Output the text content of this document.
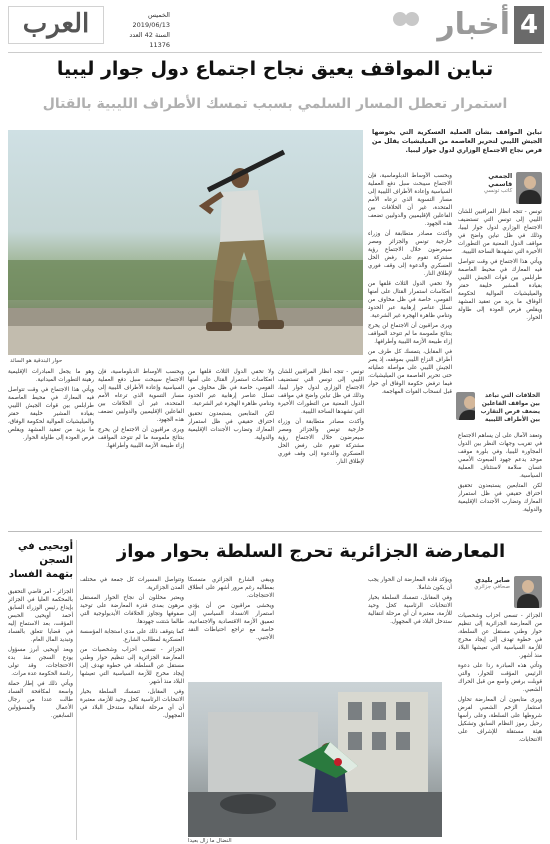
4
أخبار
العرب	الخميس 2019/06/13
السنة 42 العدد 11376
تباين المواقف يعيق نجاح اجتماع دول جوار ليبيا
استمرار تعطل المسار السلمي بسبب تمسك الأطراف الليبية بالقتال
تباين المواقف بشأن العملية العسكرية التي يخوضها الجيش الليبي لتحرير العاصمة من الميليشيات يقلل من فرص نجاح الاجتماع الوزاري لدول جوار ليبيا.
الجمعي قاسمي
كاتب تونسي

تونس - تتجه أنظار المراقبين للشأن الليبي إلى تونس التي تستضيف الاجتماع الوزاري لدول جوار ليبيا، وذلك في ظل تباين واضح في مواقف الدول المعنية من التطورات الأخيرة التي تشهدها الساحة الليبية.

ويأتي هذا الاجتماع في وقت تتواصل فيه المعارك في محيط العاصمة طرابلس بين قوات الجيش الليبي بقيادة المشير خليفة حفتر والميليشيات الموالية لحكومة الوفاق، ما يزيد من تعقيد المشهد ويقلص فرص العودة إلى طاولة الحوار.

وبحسب الأوساط الدبلوماسية، فإن الاجتماع سيبحث سبل دفع العملية السياسية وإعادة الأطراف الليبية إلى مسار التسوية الذي ترعاه الأمم المتحدة، غير أن الخلافات بين الفاعلين الإقليميين والدوليين تضعف هذه الجهود.

وأكدت مصادر متطابقة أن وزراء خارجية تونس والجزائر ومصر سيعرضون خلال الاجتماع رؤية مشتركة تقوم على رفض الحل العسكري والدعوة إلى وقف فوري لإطلاق النار.

ولا تخفي الدول الثلاث قلقها من انعكاسات استمرار القتال على أمنها القومي، خاصة في ظل مخاوف من تسلل عناصر إرهابية عبر الحدود وتنامي ظاهرة الهجرة غير الشرعية.

ويرى مراقبون أن الاجتماع لن يخرج بنتائج ملموسة ما لم تتوحد المواقف إزاء طبيعة الأزمة الليبية وأطرافها.

في المقابل، يتمسك كل طرف من أطراف النزاع الليبي بموقفه، إذ يصر الجيش الليبي على مواصلة عملياته حتى تحرير العاصمة من الميليشيات، فيما ترفض حكومة الوفاق أي حوار قبل انسحاب القوات المهاجمة.

الخلافات التي تباعد بين مواقف الفاعلين يضعف فرص التقارب بين الأطراف الليبية

وتعقد الآمال على أن يساهم الاجتماع في تقريب وجهات النظر بين الدول المجاورة لليبيا، وفي بلورة موقف موحد يدعم جهود المبعوث الأممي غسان سلامة لاستئناف العملية السياسية.

لكن المتابعين يستبعدون تحقيق اختراق حقيقي في ظل استمرار المعارك وتضارب الأجندات الإقليمية والدولية.

حوار البندقية هو السائد

وهو ما يجعل المبادرات الإقليمية رهينة التطورات الميدانية.

ويأتي هذا الاجتماع في وقت تتواصل فيه المعارك في محيط العاصمة طرابلس بين قوات الجيش الليبي بقيادة المشير خليفة حفتر والميليشيات الموالية لحكومة الوفاق، ما يزيد من تعقيد المشهد ويقلص فرص العودة إلى طاولة الحوار.

وبحسب الأوساط الدبلوماسية، فإن الاجتماع سيبحث سبل دفع العملية السياسية وإعادة الأطراف الليبية إلى مسار التسوية الذي ترعاه الأمم المتحدة، غير أن الخلافات بين الفاعلين الإقليميين والدوليين تضعف هذه الجهود.

ويرى مراقبون أن الاجتماع لن يخرج بنتائج ملموسة ما لم تتوحد المواقف إزاء طبيعة الأزمة الليبية وأطرافها.

ولا تخفي الدول الثلاث قلقها من انعكاسات استمرار القتال على أمنها القومي، خاصة في ظل مخاوف من تسلل عناصر إرهابية عبر الحدود وتنامي ظاهرة الهجرة غير الشرعية.

لكن المتابعين يستبعدون تحقيق اختراق حقيقي في ظل استمرار المعارك وتضارب الأجندات الإقليمية والدولية.

تونس - تتجه أنظار المراقبين للشأن الليبي إلى تونس التي تستضيف الاجتماع الوزاري لدول جوار ليبيا، وذلك في ظل تباين واضح في مواقف الدول المعنية من التطورات الأخيرة التي تشهدها الساحة الليبية.

وأكدت مصادر متطابقة أن وزراء خارجية تونس والجزائر ومصر سيعرضون خلال الاجتماع رؤية مشتركة تقوم على رفض الحل العسكري والدعوة إلى وقف فوري لإطلاق النار.

المعارضة الجزائرية تحرج السلطة بحوار مواز
صابر بليدي
صحافي جزائري

الجزائر - تسعى أحزاب وشخصيات من المعارضة الجزائرية إلى تنظيم حوار وطني مستقل عن السلطة، في خطوة تهدف إلى إيجاد مخرج للأزمة السياسية التي تعيشها البلاد منذ أشهر.

وتأتي هذه المبادرة ردا على دعوة الرئيس المؤقت للحوار، والتي قوبلت برفض واسع من قبل الحراك الشعبي.

ويرى متابعون أن المعارضة تحاول استثمار الزخم الشعبي لفرض شروطها على السلطة، وعلى رأسها رحيل رموز النظام السابق وتشكيل هيئة مستقلة للإشراف على الانتخابات.

ويؤكد قادة المعارضة أن الحوار يجب أن يكون شاملا.

وفي المقابل، تتمسك السلطة بخيار الانتخابات الرئاسية كحل وحيد للأزمة، معتبرة أن أي مرحلة انتقالية ستدخل البلاد في المجهول.

ويبقى الشارع الجزائري متمسكا بمطالبه رغم مرور أشهر على انطلاق الاحتجاجات.

ويخشى مراقبون من أن يؤدي استمرار الانسداد السياسي إلى تعميق الأزمة الاقتصادية والاجتماعية، خاصة مع تراجع احتياطات النقد الأجنبي.

وتتواصل المسيرات كل جمعة في مختلف المدن الجزائرية.

ويعتبر محللون أن نجاح الحوار المستقل مرهون بمدى قدرة المعارضة على توحيد صفوفها وتجاوز الخلافات الأيديولوجية التي طالما شتتت جهودها.

كما يتوقف ذلك على مدى استجابة المؤسسة العسكرية لمطالب الشارع.

الجزائر - تسعى أحزاب وشخصيات من المعارضة الجزائرية إلى تنظيم حوار وطني مستقل عن السلطة، في خطوة تهدف إلى إيجاد مخرج للأزمة السياسية التي تعيشها البلاد منذ أشهر.

وفي المقابل، تتمسك السلطة بخيار الانتخابات الرئاسية كحل وحيد للأزمة، معتبرة أن أي مرحلة انتقالية ستدخل البلاد في المجهول.

النضال ما زال بعيدا
أويحيى في السجن
بتهمة الفساد

الجزائر - أمر قاضي التحقيق بالمحكمة العليا في الجزائر بإيداع رئيس الوزراء السابق أحمد أويحيى الحبس المؤقت، بعد الاستماع إليه في قضايا تتعلق بالفساد وتبديد المال العام.

ويعد أويحيى أبرز مسؤول يودع السجن منذ بدء الاحتجاجات، وقد تولى رئاسة الحكومة عدة مرات.

ويأتي ذلك في إطار حملة واسعة لمكافحة الفساد طالت عددا من رجال الأعمال والمسؤولين السابقين.
